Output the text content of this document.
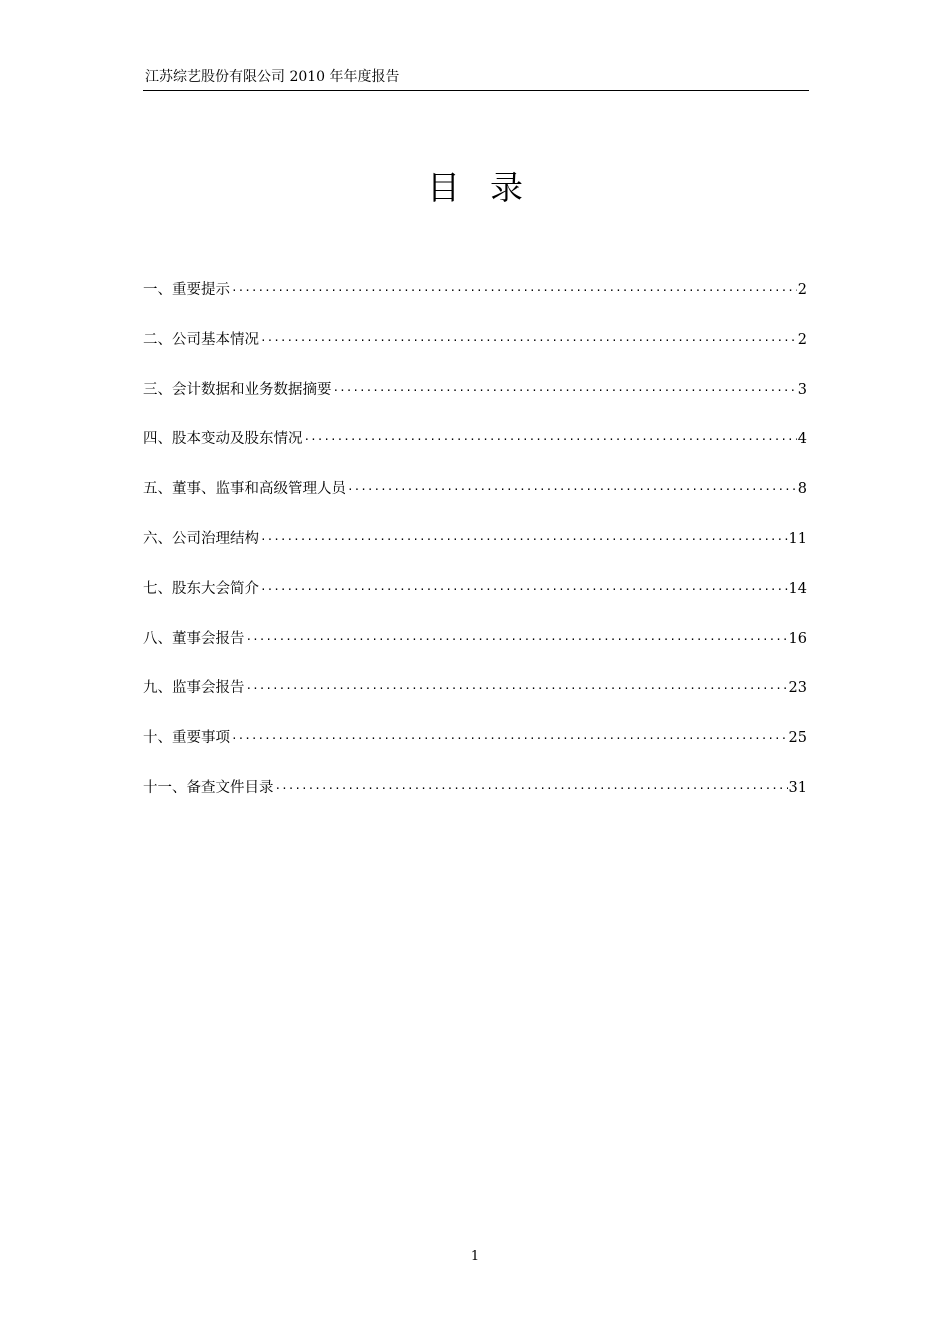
江苏综艺股份有限公司 2010 年年度报告
目录
一、重要提示 ·····	2
二、公司基本情况 ·····	2
三、会计数据和业务数据摘要 ·····	3
四、股本变动及股东情况 ·····	4
五、董事、监事和高级管理人员 ·····	8
六、公司治理结构 ·····	11
七、股东大会简介 ·····	14
八、董事会报告 ·····	16
九、监事会报告 ·····	23
十、重要事项 ·····	25
十一、备查文件目录 ·····	31
1
